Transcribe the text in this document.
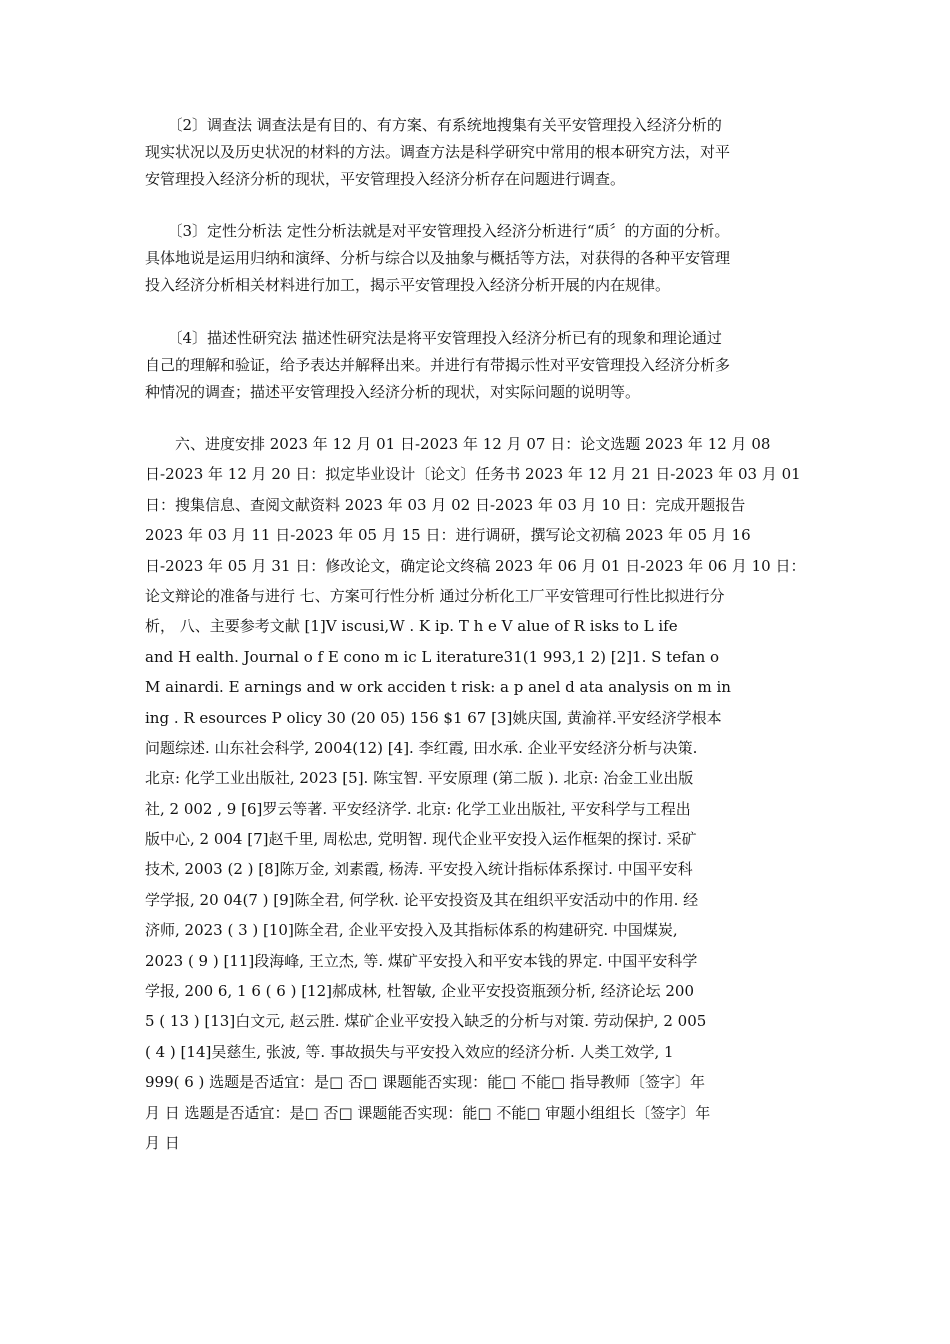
　　〔2〕调查法 调查法是有目的、有方案、有系统地搜集有关平安管理投入经济分析的
现实状况以及历史状况的材料的方法。调查方法是科学研究中常用的根本研究方法，对平
安管理投入经济分析的现状，平安管理投入经济分析存在问题进行调查。
　　〔3〕定性分析法 定性分析法就是对平安管理投入经济分析进行“质〞的方面的分析。
具体地说是运用归纳和演绎、分析与综合以及抽象与概括等方法，对获得的各种平安管理
投入经济分析相关材料进行加工，揭示平安管理投入经济分析开展的内在规律。
　　〔4〕描述性研究法 描述性研究法是将平安管理投入经济分析已有的现象和理论通过
自己的理解和验证，给予表达并解释出来。并进行有带揭示性对平安管理投入经济分析多
种情况的调查；描述平安管理投入经济分析的现状，对实际问题的说明等。
　　六、进度安排 2023 年 12 月 01 日-2023 年 12 月 07 日：论文选题 2023 年 12 月 08
日-2023 年 12 月 20 日：拟定毕业设计〔论文〕任务书 2023 年 12 月 21 日-2023 年 03 月 01
日：搜集信息、查阅文献资料 2023 年 03 月 02 日-2023 年 03 月 10 日：完成开题报告
2023 年 03 月 11 日-2023 年 05 月 15 日：进行调研，撰写论文初稿 2023 年 05 月 16
日-2023 年 05 月 31 日：修改论文，确定论文终稿 2023 年 06 月 01 日-2023 年 06 月 10 日：
论文辩论的准备与进行 七、方案可行性分析 通过分析化工厂平安管理可行性比拟进行分
析， 八、主要参考文献 [1]V iscusi,W . K ip. T h e V alue of R isks to L ife
and H ealth. Journal o f E cono m ic L iterature31(1 993,1 2) [2]1. S tefan o
M ainardi. E arnings and w ork acciden t risk: a p anel d ata analysis on m in
ing . R esources P olicy 30 (20 05) 156 $1 67 [3]姚庆国, 黄渝祥.平安经济学根本
问题综述. 山东社会科学, 2004(12) [4]. 李红霞, 田水承. 企业平安经济分析与决策.
北京: 化学工业出版社, 2023 [5]. 陈宝智. 平安原理 (第二版 ). 北京: 冶金工业出版
社, 2 002 , 9 [6]罗云等著. 平安经济学. 北京: 化学工业出版社, 平安科学与工程出
版中心, 2 004 [7]赵千里, 周松忠, 党明智. 现代企业平安投入运作框架的探讨. 采矿
技术, 2003 (2 ) [8]陈万金, 刘素霞, 杨涛. 平安投入统计指标体系探讨. 中国平安科
学学报, 20 04(7 ) [9]陈全君, 何学秋. 论平安投资及其在组织平安活动中的作用. 经
济师, 2023 ( 3 ) [10]陈全君, 企业平安投入及其指标体系的构建研究. 中国煤炭,
2023 ( 9 ) [11]段海峰, 王立杰, 等. 煤矿平安投入和平安本钱的界定. 中国平安科学
学报, 200 6, 1 6 ( 6 ) [12]郝成林, 杜智敏, 企业平安投资瓶颈分析, 经济论坛 200
5 ( 13 ) [13]白文元, 赵云胜. 煤矿企业平安投入缺乏的分析与对策. 劳动保护, 2 005
( 4 ) [14]吴慈生, 张波, 等. 事故损失与平安投入效应的经济分析. 人类工效学, 1
999( 6 ) 选题是否适宜：是□ 否□ 课题能否实现：能□ 不能□ 指导教师〔签字〕年
月 日 选题是否适宜：是□ 否□ 课题能否实现：能□ 不能□ 审题小组组长〔签字〕年
月 日
